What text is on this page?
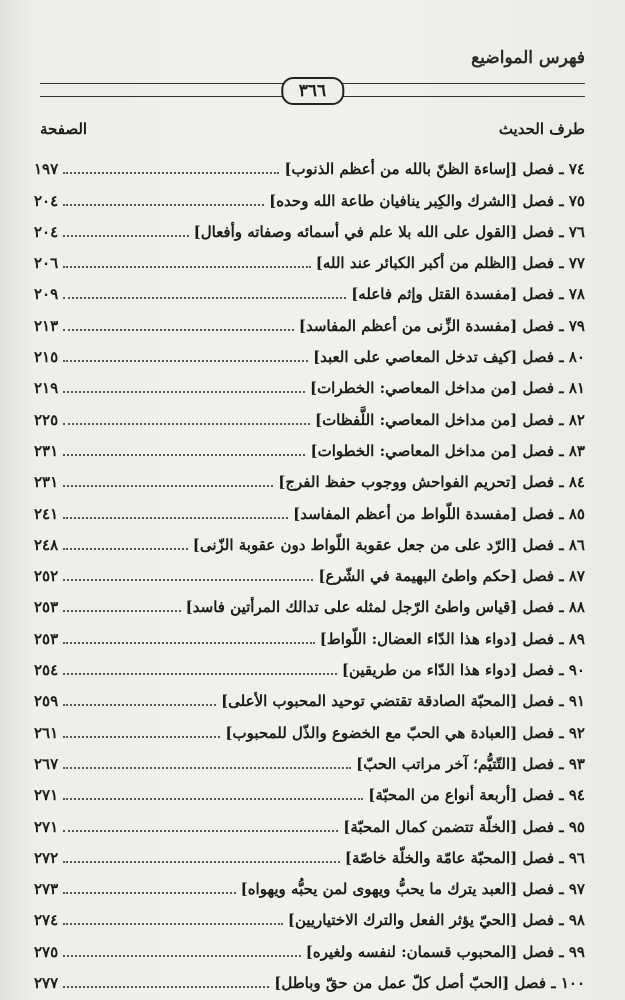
فهرس المواضيع
٣٦٦
طرف الحديث
الصفحة
٧٤ ـ فصل [إساءة الظنّ بالله من أعظم الذنوب]
١٩٧
٧٥ ـ فصل [الشرك والكِبر ينافيان طاعة الله وحده]
٢٠٤
٧٦ ـ فصل [القول على الله بلا علم في أسمائه وصفاته وأفعال]
٢٠٤
٧٧ ـ فصل [الظلم من أكبر الكبائر عند الله]
٢٠٦
٧٨ ـ فصل [مفسدة القتل وإثم فاعله]
٢٠٩
٧٩ ـ فصل [مفسدة الزِّنى من أعظم المفاسد]
٢١٣
٨٠ ـ فصل [كيف تدخل المعاصي على العبد]
٢١٥
٨١ ـ فصل [من مداخل المعاصي: الخطرات]
٢١٩
٨٢ ـ فصل [من مداخل المعاصي: اللَّفظات]
٢٢٥
٨٣ ـ فصل [من مداخل المعاصي: الخطوات]
٢٣١
٨٤ ـ فصل [تحريم الفواحش ووجوب حفظ الفرج]
٢٣١
٨٥ ـ فصل [مفسدة اللّواط من أعظم المفاسد]
٢٤١
٨٦ ـ فصل [الرّد على من جعل عقوبة اللّواط دون عقوبة الزّنى]
٢٤٨
٨٧ ـ فصل [حكم واطئ البهيمة في الشّرع]
٢٥٢
٨٨ ـ فصل [قياس واطئ الرّجل لمثله على تدالك المرأتين فاسد]
٢٥٣
٨٩ ـ فصل [دواء هذا الدّاء العضال: اللّواط]
٢٥٣
٩٠ ـ فصل [دواء هذا الدّاء من طريقين]
٢٥٤
٩١ ـ فصل [المحبّة الصادقة تقتضي توحيد المحبوب الأعلى]
٢٥٩
٩٢ ـ فصل [العبادة هي الحبّ مع الخضوع والذّل للمحبوب]
٢٦١
٩٣ ـ فصل [التّتيُّم؛ آخر مراتب الحبّ]
٢٦٧
٩٤ ـ فصل [أربعة أنواع من المحبّة]
٢٧١
٩٥ ـ فصل [الخلّة تتضمن كمال المحبّة]
٢٧١
٩٦ ـ فصل [المحبّة عامّة والخلّة خاصّة]
٢٧٢
٩٧ ـ فصل [العبد يترك ما يحبُّ ويهوى لمن يحبُّه ويهواه]
٢٧٣
٩٨ ـ فصل [الحيّ يؤثر الفعل والترك الاختياريين]
٢٧٤
٩٩ ـ فصل [المحبوب قسمان: لنفسه ولغيره]
٢٧٥
١٠٠ ـ فصل [الحبّ أصل كلّ عمل من حقّ وباطل]
٢٧٧
